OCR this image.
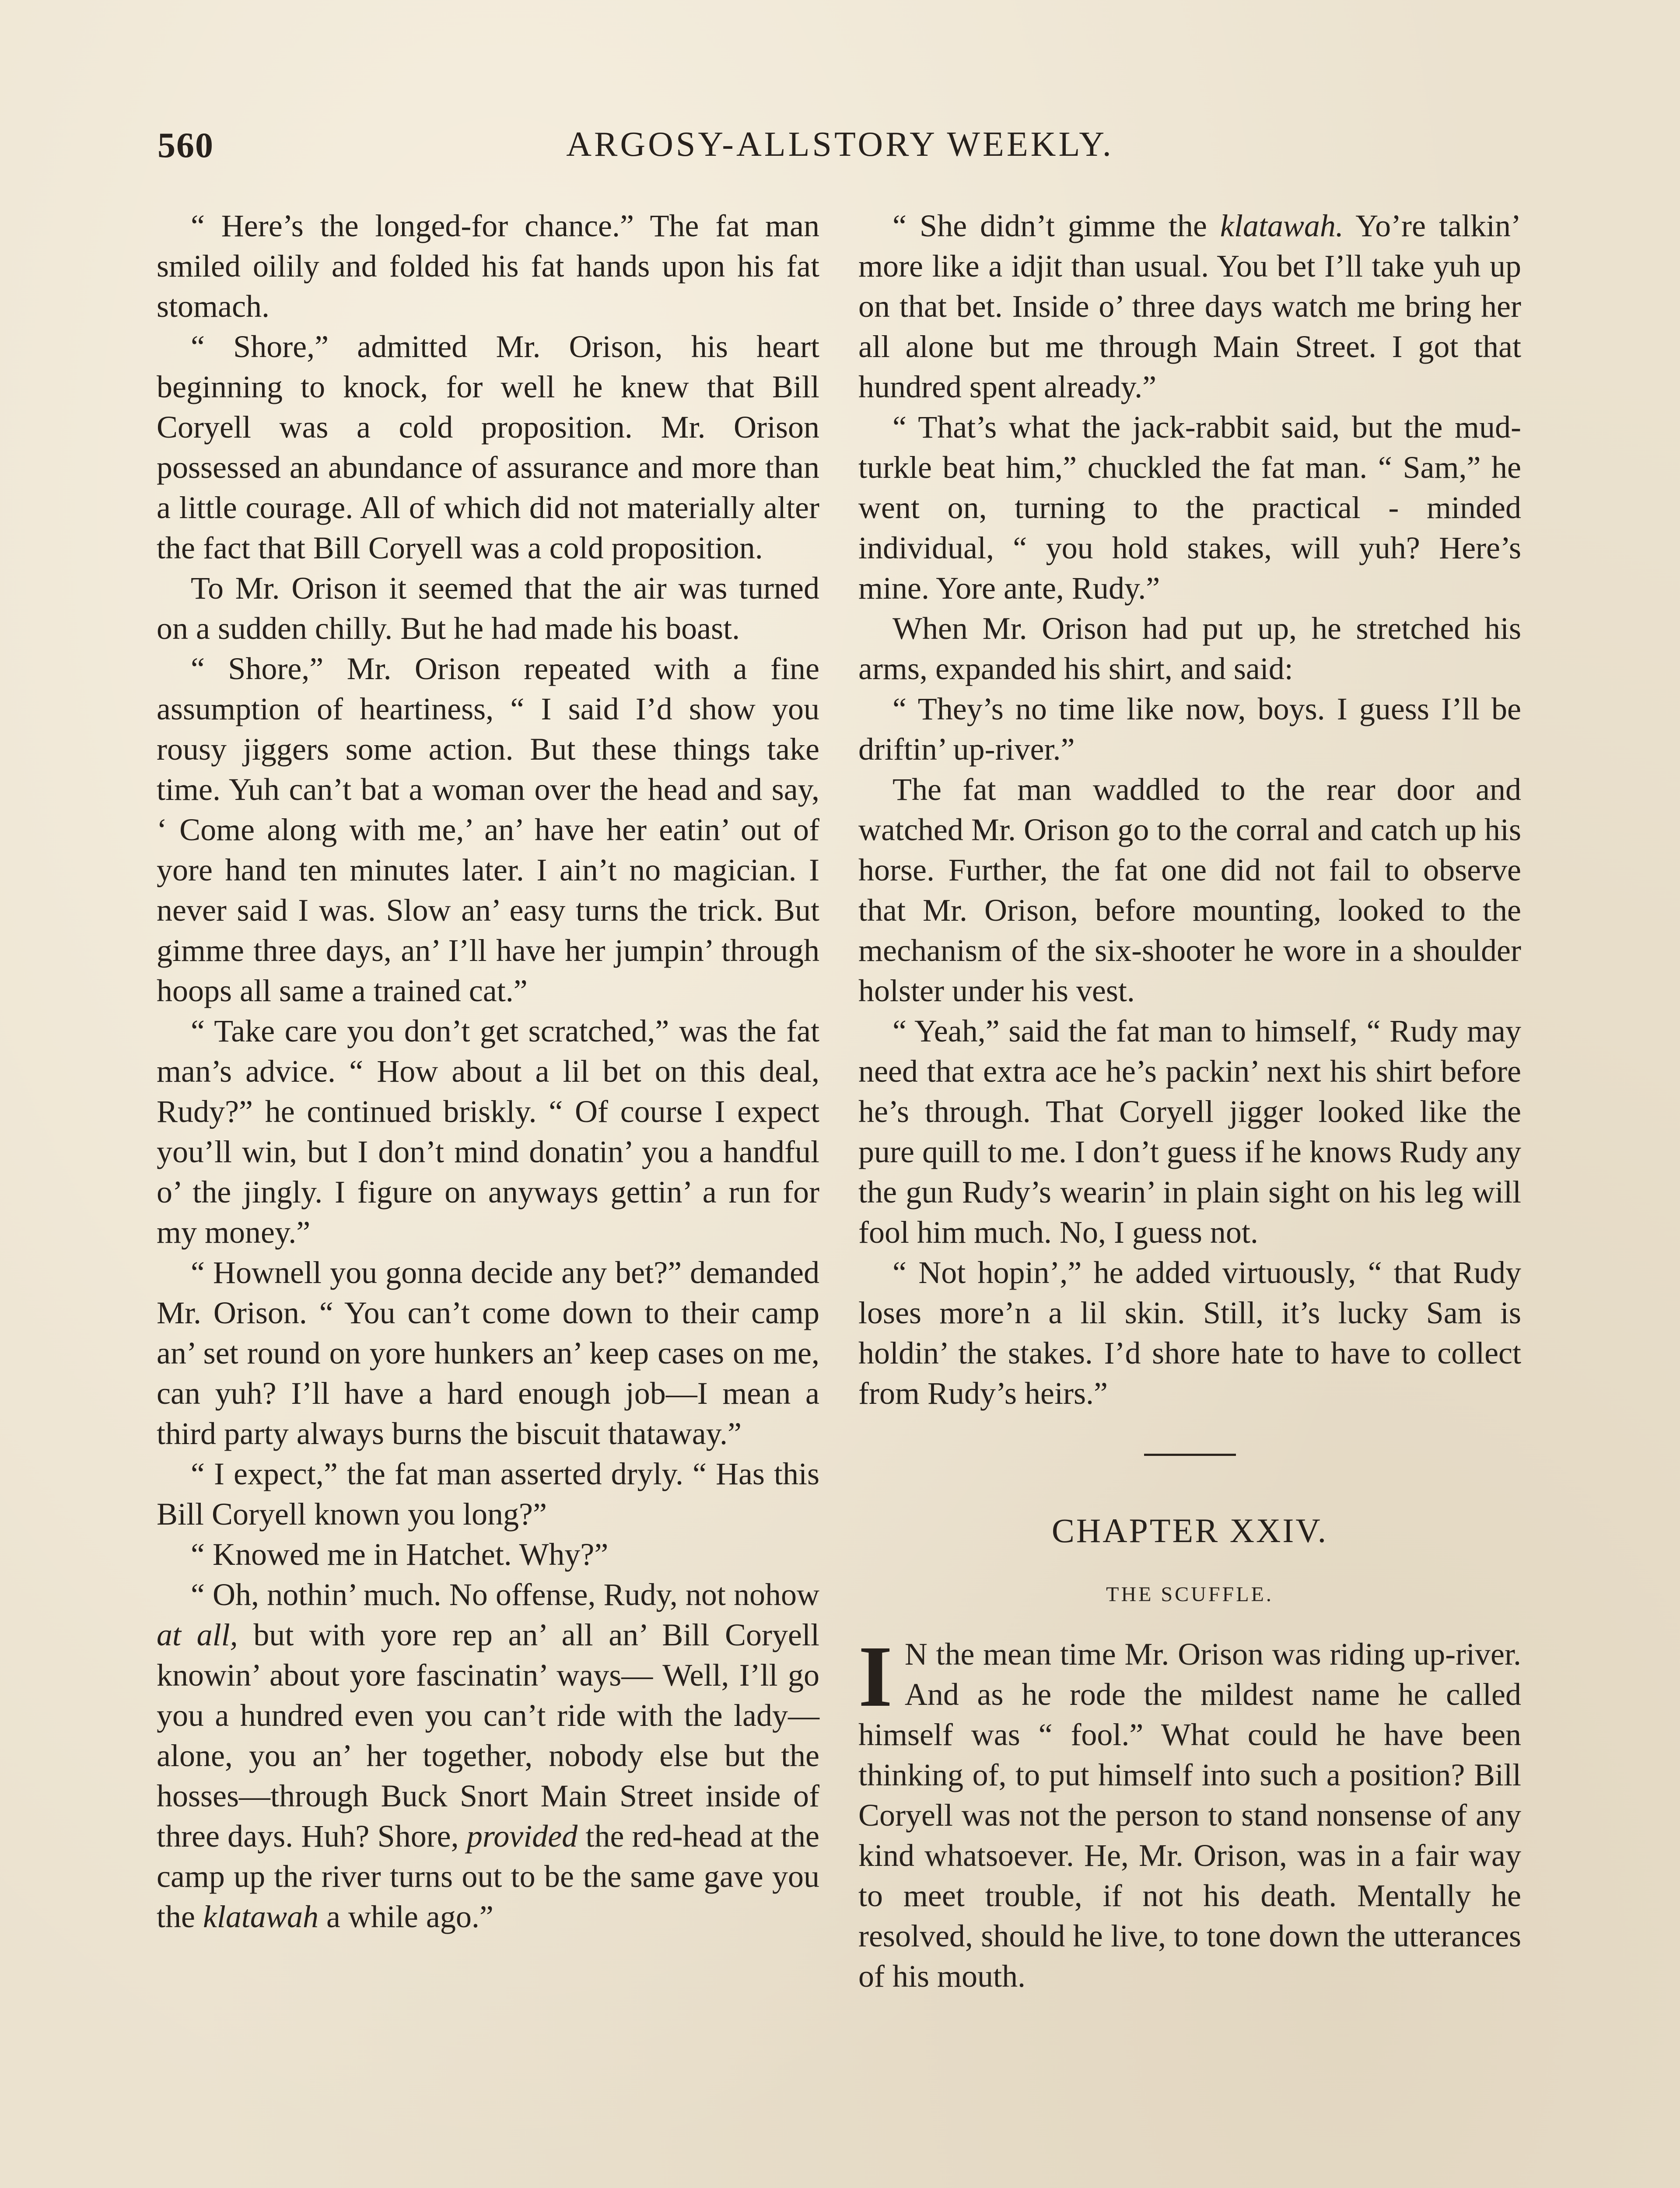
560	ARGOSY-ALLSTORY WEEKLY.

“ Here’s the longed-for chance.” The fat man smiled oilily and folded his fat hands upon his fat stomach.

“ Shore,” admitted Mr. Orison, his heart beginning to knock, for well he knew that Bill Coryell was a cold proposition. Mr. Orison possessed an abundance of assurance and more than a little courage. All of which did not materially alter the fact that Bill Coryell was a cold proposition.

To Mr. Orison it seemed that the air was turned on a sudden chilly. But he had made his boast.

“ Shore,” Mr. Orison repeated with a fine assumption of heartiness, “ I said I’d show you rousy jiggers some action. But these things take time. Yuh can’t bat a woman over the head and say, ‘ Come along with me,’ an’ have her eatin’ out of yore hand ten minutes later. I ain’t no magician. I never said I was. Slow an’ easy turns the trick. But gimme three days, an’ I’ll have her jumpin’ through hoops all same a trained cat.”

“ Take care you don’t get scratched,” was the fat man’s advice. “ How about a lil bet on this deal, Rudy?” he continued briskly. “ Of course I expect you’ll win, but I don’t mind donatin’ you a handful o’ the jingly. I figure on anyways gettin’ a run for my money.”

“ Hownell you gonna decide any bet?” demanded Mr. Orison. “ You can’t come down to their camp an’ set round on yore hunkers an’ keep cases on me, can yuh? I’ll have a hard enough job—I mean a third party always burns the biscuit thataway.”

“ I expect,” the fat man asserted dryly. “ Has this Bill Coryell known you long?”

“ Knowed me in Hatchet. Why?”

“ Oh, nothin’ much. No offense, Rudy, not nohow at all, but with yore rep an’ all an’ Bill Coryell knowin’ about yore fascinatin’ ways— Well, I’ll go you a hundred even you can’t ride with the lady—alone, you an’ her together, nobody else but the hosses—through Buck Snort Main Street inside of three days. Huh? Shore, provided the red-head at the camp up the river turns out to be the same gave you the klatawah a while ago.”

“ She didn’t gimme the klatawah. Yo’re talkin’ more like a idjit than usual. You bet I’ll take yuh up on that bet. Inside o’ three days watch me bring her all alone but me through Main Street. I got that hundred spent already.”

“ That’s what the jack-rabbit said, but the mud-turkle beat him,” chuckled the fat man. “ Sam,” he went on, turning to the practical - minded individual, “ you hold stakes, will yuh? Here’s mine. Yore ante, Rudy.”

When Mr. Orison had put up, he stretched his arms, expanded his shirt, and said:

“ They’s no time like now, boys. I guess I’ll be driftin’ up-river.”

The fat man waddled to the rear door and watched Mr. Orison go to the corral and catch up his horse. Further, the fat one did not fail to observe that Mr. Orison, before mounting, looked to the mechanism of the six-shooter he wore in a shoulder holster under his vest.

“ Yeah,” said the fat man to himself, “ Rudy may need that extra ace he’s packin’ next his shirt before he’s through. That Coryell jigger looked like the pure quill to me. I don’t guess if he knows Rudy any the gun Rudy’s wearin’ in plain sight on his leg will fool him much. No, I guess not.

“ Not hopin’,” he added virtuously, “ that Rudy loses more’n a lil skin. Still, it’s lucky Sam is holdin’ the stakes. I’d shore hate to have to collect from Rudy’s heirs.”

CHAPTER XXIV.
THE SCUFFLE.

I N the mean time Mr. Orison was riding up-river. And as he rode the mildest name he called himself was “ fool.” What could he have been thinking of, to put himself into such a position? Bill Coryell was not the person to stand nonsense of any kind whatsoever. He, Mr. Orison, was in a fair way to meet trouble, if not his death. Mentally he resolved, should he live, to tone down the utterances of his mouth.
